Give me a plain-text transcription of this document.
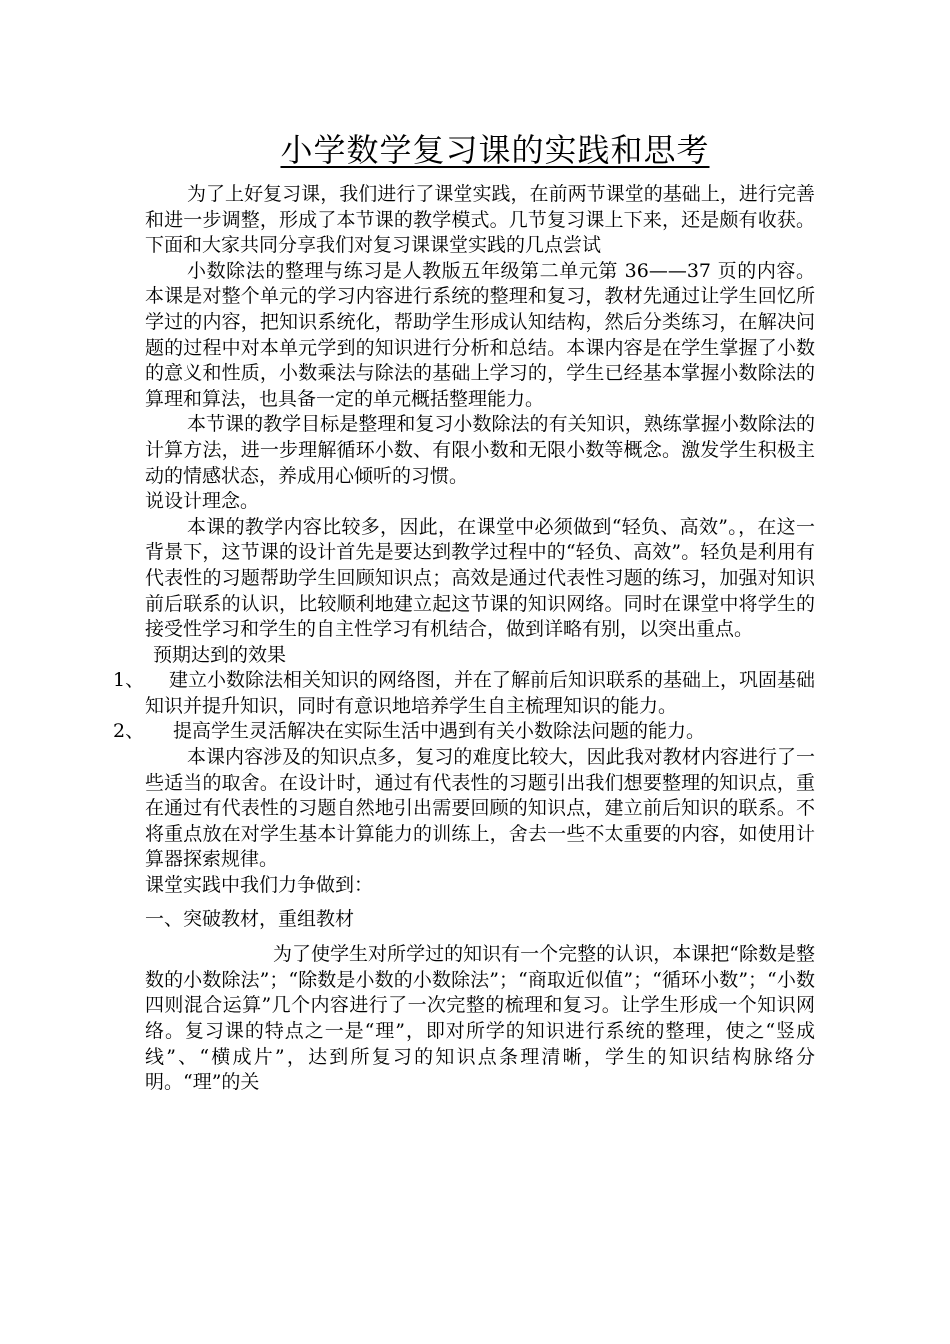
小学数学复习课的实践和思考

为了上好复习课，我们进行了课堂实践，在前两节课堂的基础上，进行完善和进一步调整，形成了本节课的教学模式。几节复习课上下来，还是颇有收获。下面和大家共同分享我们对复习课课堂实践的几点尝试

小数除法的整理与练习是人教版五年级第二单元第 36——37 页的内容。本课是对整个单元的学习内容进行系统的整理和复习，教材先通过让学生回忆所学过的内容，把知识系统化，帮助学生形成认知结构，然后分类练习，在解决问题的过程中对本单元学到的知识进行分析和总结。本课内容是在学生掌握了小数的意义和性质，小数乘法与除法的基础上学习的，学生已经基本掌握小数除法的算理和算法，也具备一定的单元概括整理能力。

本节课的教学目标是整理和复习小数除法的有关知识，熟练掌握小数除法的计算方法，进一步理解循环小数、有限小数和无限小数等概念。激发学生积极主动的情感状态，养成用心倾听的习惯。

说设计理念。

本课的教学内容比较多，因此，在课堂中必须做到“轻负、高效”。，在这一背景下，这节课的设计首先是要达到教学过程中的“轻负、高效”。轻负是利用有代表性的习题帮助学生回顾知识点；高效是通过代表性习题的练习，加强对知识前后联系的认识，比较顺利地建立起这节课的知识网络。同时在课堂中将学生的接受性学习和学生的自主性学习有机结合，做到详略有别，以突出重点。

预期达到的效果

1、	建立小数除法相关知识的网络图，并在了解前后知识联系的基础上，巩固基础知识并提升知识，同时有意识地培养学生自主梳理知识的能力。
2、	提高学生灵活解决在实际生活中遇到有关小数除法问题的能力。

本课内容涉及的知识点多，复习的难度比较大，因此我对教材内容进行了一些适当的取舍。在设计时，通过有代表性的习题引出我们想要整理的知识点，重在通过有代表性的习题自然地引出需要回顾的知识点，建立前后知识的联系。不将重点放在对学生基本计算能力的训练上，舍去一些不太重要的内容，如使用计算器探索规律。

课堂实践中我们力争做到：

一、突破教材，重组教材

为了使学生对所学过的知识有一个完整的认识，本课把“除数是整数的小数除法”；“除数是小数的小数除法”；“商取近似值”；“循环小数”；“小数四则混合运算”几个内容进行了一次完整的梳理和复习。让学生形成一个知识网络。复习课的特点之一是“理”，即对所学的知识进行系统的整理，使之“竖成线”、“横成片”，达到所复习的知识点条理清晰，学生的知识结构脉络分明。“理”的关
